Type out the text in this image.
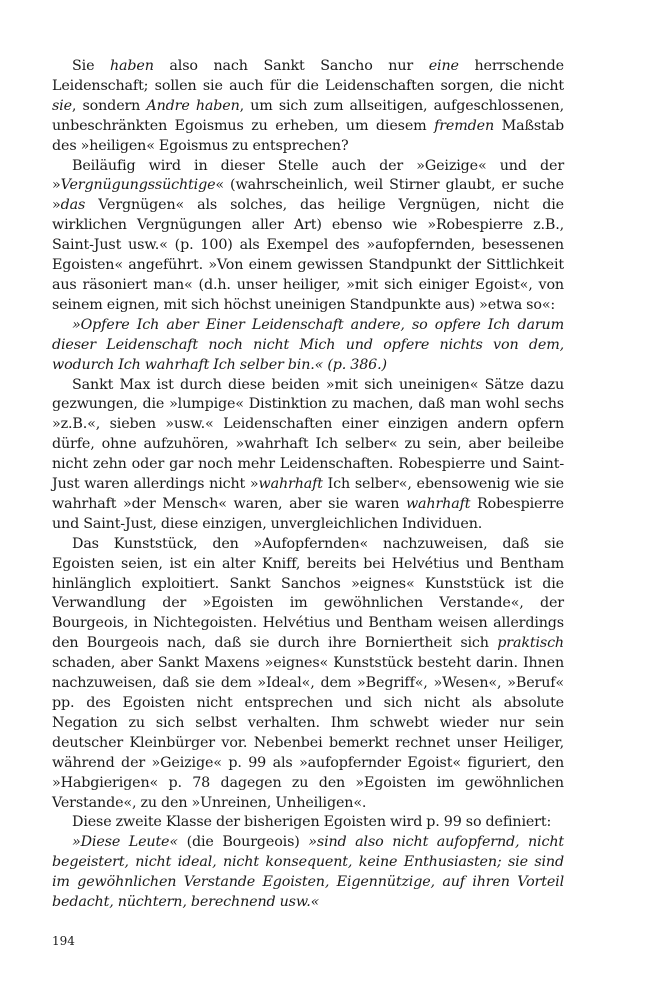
Sie haben also nach Sankt Sancho nur eine herrschende Leidenschaft; sollen sie auch für die Leidenschaften sorgen, die nicht sie, sondern Andre haben, um sich zum allseitigen, aufgeschlossenen, unbeschränkten Egoismus zu erheben, um diesem fremden Maßstab des »heiligen« Egoismus zu entsprechen?

Beiläufig wird in dieser Stelle auch der »Geizige« und der »Vergnügungssüchtige« (wahrscheinlich, weil Stirner glaubt, er suche »das Vergnügen« als solches, das heilige Vergnügen, nicht die wirklichen Vergnügungen aller Art) ebenso wie »Robespierre z.B., Saint-Just usw.« (p. 100) als Exempel des »aufopfernden, besessenen Egoisten« angeführt. »Von einem gewissen Standpunkt der Sittlichkeit aus räsoniert man« (d.h. unser heiliger, »mit sich einiger Egoist«, von seinem eignen, mit sich höchst uneinigen Standpunkte aus) »etwa so«:

»Opfere Ich aber Einer Leidenschaft andere, so opfere Ich darum dieser Leidenschaft noch nicht Mich und opfere nichts von dem, wodurch Ich wahrhaft Ich selber bin.« (p. 386.)

Sankt Max ist durch diese beiden »mit sich uneinigen« Sätze dazu gezwungen, die »lumpige« Distinktion zu machen, daß man wohl sechs »z.B.«, sieben »usw.« Leidenschaften einer einzigen andern opfern dürfe, ohne aufzuhören, »wahrhaft Ich selber« zu sein, aber beileibe nicht zehn oder gar noch mehr Leidenschaften. Robespierre und Saint-Just waren allerdings nicht »wahrhaft Ich selber«, ebensowenig wie sie wahrhaft »der Mensch« waren, aber sie waren wahrhaft Robespierre und Saint-Just, diese einzigen, unvergleichlichen Individuen.

Das Kunststück, den »Aufopfernden« nachzuweisen, daß sie Egoisten seien, ist ein alter Kniff, bereits bei Helvétius und Bentham hinlänglich exploitiert. Sankt Sanchos »eignes« Kunststück ist die Verwandlung der »Egoisten im gewöhnlichen Verstande«, der Bourgeois, in Nichtegoisten. Helvétius und Bentham weisen allerdings den Bourgeois nach, daß sie durch ihre Borniertheit sich praktisch schaden, aber Sankt Maxens »eignes« Kunststück besteht darin. Ihnen nachzuweisen, daß sie dem »Ideal«, dem »Begriff«, »Wesen«, »Beruf« pp. des Egoisten nicht entsprechen und sich nicht als absolute Negation zu sich selbst verhalten. Ihm schwebt wieder nur sein deutscher Kleinbürger vor. Nebenbei bemerkt rechnet unser Heiliger, während der »Geizige« p. 99 als »aufopfernder Egoist« figuriert, den »Habgierigen« p. 78 dagegen zu den »Egoisten im gewöhnlichen Verstande«, zu den »Unreinen, Unheiligen«.

Diese zweite Klasse der bisherigen Egoisten wird p. 99 so definiert:

»Diese Leute« (die Bourgeois) »sind also nicht aufopfernd, nicht begeistert, nicht ideal, nicht konsequent, keine Enthusiasten; sie sind im gewöhnlichen Verstande Egoisten, Eigennützige, auf ihren Vorteil bedacht, nüchtern, berechnend usw.«

194
